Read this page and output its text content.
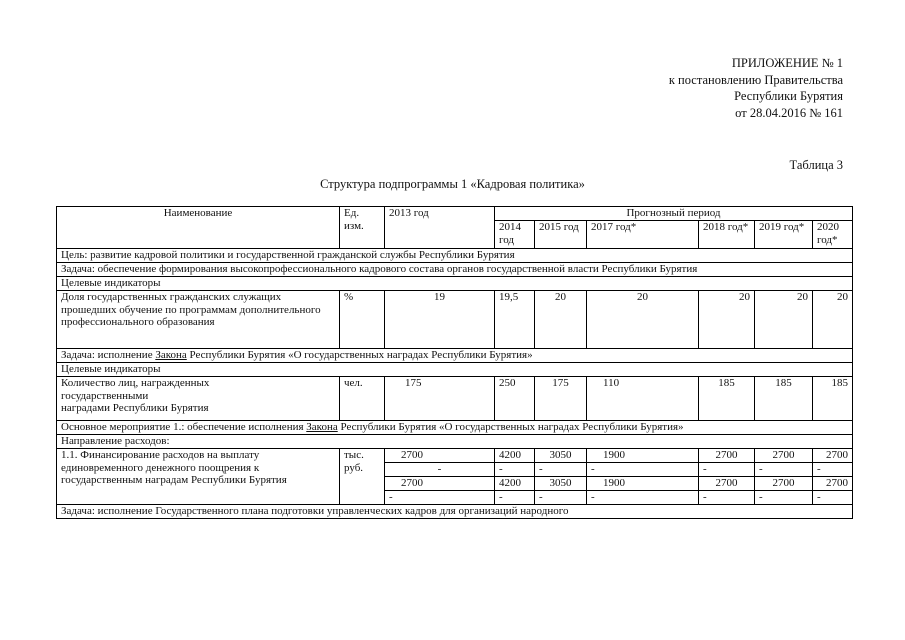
ПРИЛОЖЕНИЕ № 1
к постановлению Правительства
Республики Бурятия
от 28.04.2016 № 161
Таблица 3
Структура подпрограммы 1 «Кадровая политика»
Наименование	Ед. изм.	2013 год	Прогнозный период					
			2014 год	2015 год	2017 год*	2018 год*	2019 год*	2020 год*
Цель: развитие кадровой политики и государственной гражданской службы Республики Бурятия								
Задача: обеспечение формирования высокопрофессионального кадрового состава органов государственной власти Республики Бурятия								
Целевые индикаторы								
Доля государственных гражданских служащих прошедших обучение по программам дополнительного профессионального образования	%	19	19,5	20	20	20	20	20
Задача: исполнение Закона Республики Бурятия «О государственных наградах Республики Бурятия»								
Целевые индикаторы								

Количество лиц, награжденных
государственными
наградами Республики Бурятия	чел.	175	250	175	110	185	185	185
Основное мероприятие 1.: обеспечение исполнения Закона Республики Бурятия «О государственных наградах Республики Бурятия»								
Направление расходов:								
1.1. Финансирование расходов на выплату единовременного денежного поощрения к государственным наградам Республики Бурятия	тыс. руб.	2700	4200	3050	1900	2700	2700	2700
		-	-	-	-	-	-	-
		2700	4200	3050	1900	2700	2700	2700
		-	-	-	-	-	-	-
Задача: исполнение Государственного плана подготовки управленческих кадров для организаций народного								
